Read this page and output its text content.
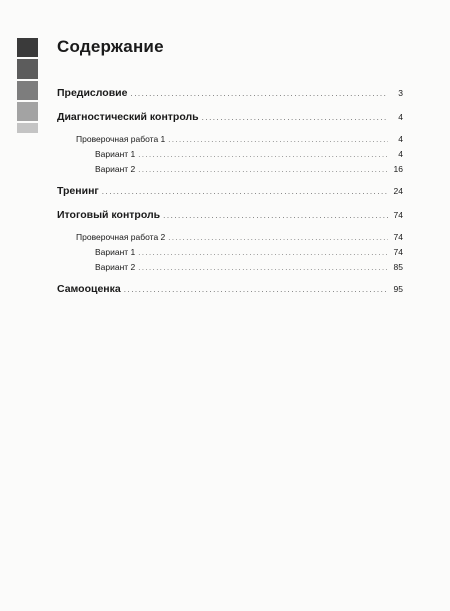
Содержание
Предисловие .....	3
Диагностический контроль .....	4
Проверочная работа 1 .....	4
Вариант 1 .....	4
Вариант 2 .....	16
Тренинг .....	24
Итоговый контроль .....	74
Проверочная работа 2 .....	74
Вариант 1 .....	74
Вариант 2 .....	85
Самооценка .....	95
